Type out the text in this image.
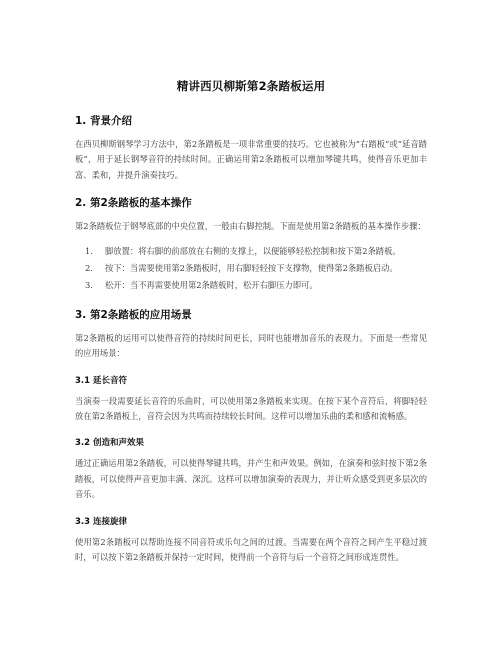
精讲西贝柳斯第2条踏板运用
1. 背景介绍

在西贝柳斯钢琴学习方法中，第2条踏板是一项非常重要的技巧。它也被称为”右踏板”或”延音踏板”，用于延长钢琴音符的持续时间。正确运用第2条踏板可以增加琴键共鸣，使得音乐更加丰富、柔和，并提升演奏技巧。

2. 第2条踏板的基本操作

第2条踏板位于钢琴底部的中央位置，一般由右脚控制。下面是使用第2条踏板的基本操作步骤：

1.	脚放置：将右脚的前部放在右侧的支撑上，以便能够轻松控制和按下第2条踏板。
2.	按下：当需要使用第2条踏板时，用右脚轻轻按下支撑物，使得第2条踏板启动。
3.	松开：当不再需要使用第2条踏板时，松开右脚压力即可。
3. 第2条踏板的应用场景

第2条踏板的运用可以使得音符的持续时间更长，同时也能增加音乐的表现力。下面是一些常见的应用场景：

3.1 延长音符

当演奏一段需要延长音符的乐曲时，可以使用第2条踏板来实现。在按下某个音符后，将脚轻轻放在第2条踏板上，音符会因为共鸣而持续较长时间。这样可以增加乐曲的柔和感和流畅感。

3.2 创造和声效果

通过正确运用第2条踏板，可以使得琴键共鸣，并产生和声效果。例如，在演奏和弦时按下第2条踏板，可以使得声音更加丰满、深沉。这样可以增加演奏的表现力，并让听众感受到更多层次的音乐。

3.3 连接旋律

使用第2条踏板可以帮助连接不同音符或乐句之间的过渡。当需要在两个音符之间产生平稳过渡时，可以按下第2条踏板并保持一定时间，使得前一个音符与后一个音符之间形成连贯性。
